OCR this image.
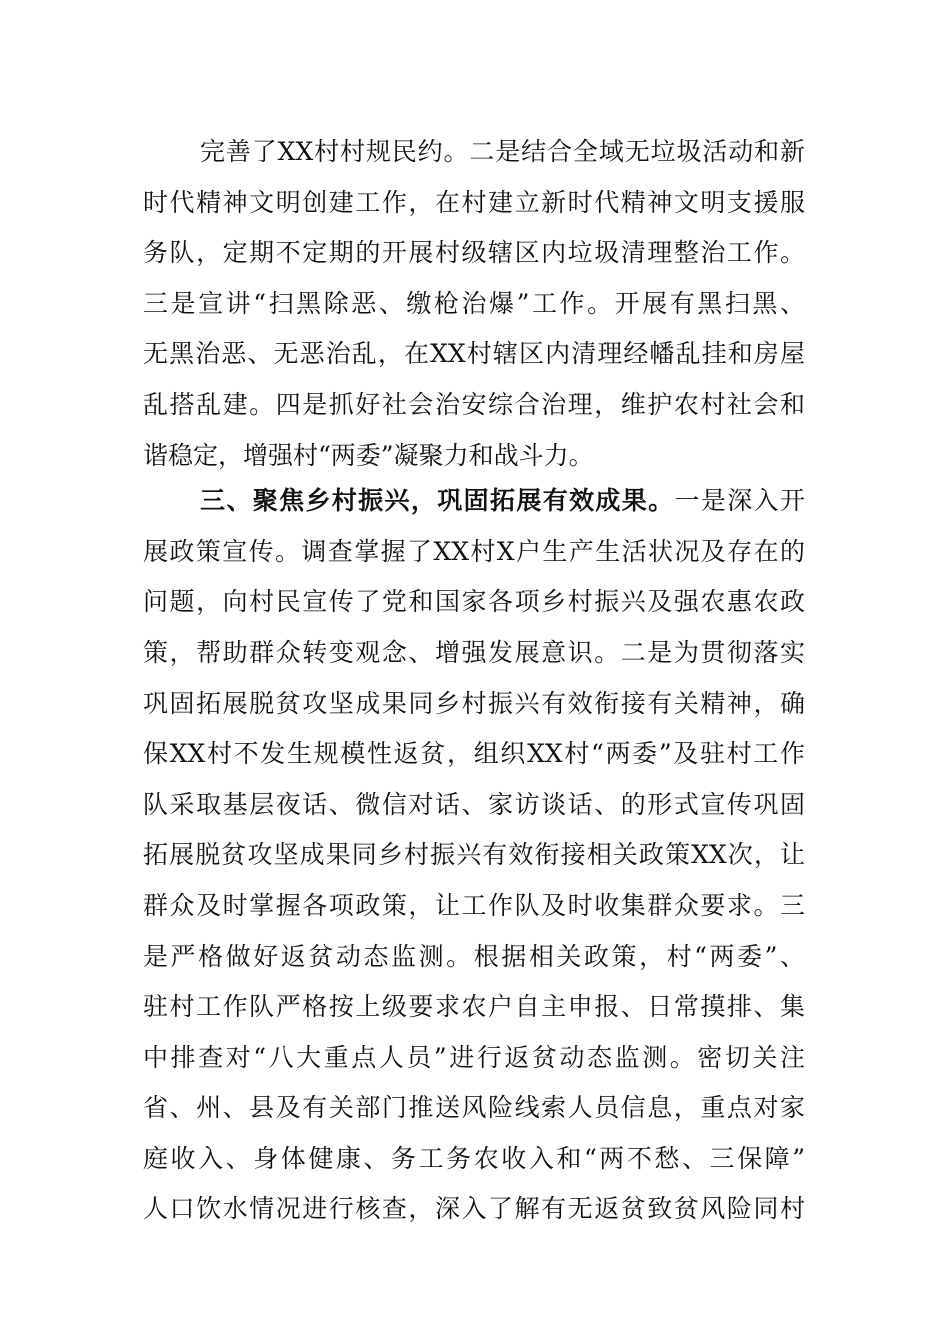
完善了XX村村规民约。二是结合全域无垃圾活动和新
时代精神文明创建工作，在村建立新时代精神文明支援服
务队，定期不定期的开展村级辖区内垃圾清理整治工作。
三是宣讲“扫黑除恶、缴枪治爆”工作。开展有黑扫黑、
无黑治恶、无恶治乱，在XX村辖区内清理经幡乱挂和房屋
乱搭乱建。四是抓好社会治安综合治理，维护农村社会和
谐稳定，增强村“两委”凝聚力和战斗力。
三、聚焦乡村振兴，巩固拓展有效成果。一是深入开
展政策宣传。调查掌握了XX村X户生产生活状况及存在的
问题，向村民宣传了党和国家各项乡村振兴及强农惠农政
策，帮助群众转变观念、增强发展意识。二是为贯彻落实
巩固拓展脱贫攻坚成果同乡村振兴有效衔接有关精神，确
保XX村不发生规模性返贫，组织XX村“两委”及驻村工作
队采取基层夜话、微信对话、家访谈话、的形式宣传巩固
拓展脱贫攻坚成果同乡村振兴有效衔接相关政策XX次，让
群众及时掌握各项政策，让工作队及时收集群众要求。三
是严格做好返贫动态监测。根据相关政策，村“两委”、
驻村工作队严格按上级要求农户自主申报、日常摸排、集
中排查对“八大重点人员”进行返贫动态监测。密切关注
省、州、县及有关部门推送风险线索人员信息，重点对家
庭收入、身体健康、务工务农收入和“两不愁、三保障”
人口饮水情况进行核查，深入了解有无返贫致贫风险同村
